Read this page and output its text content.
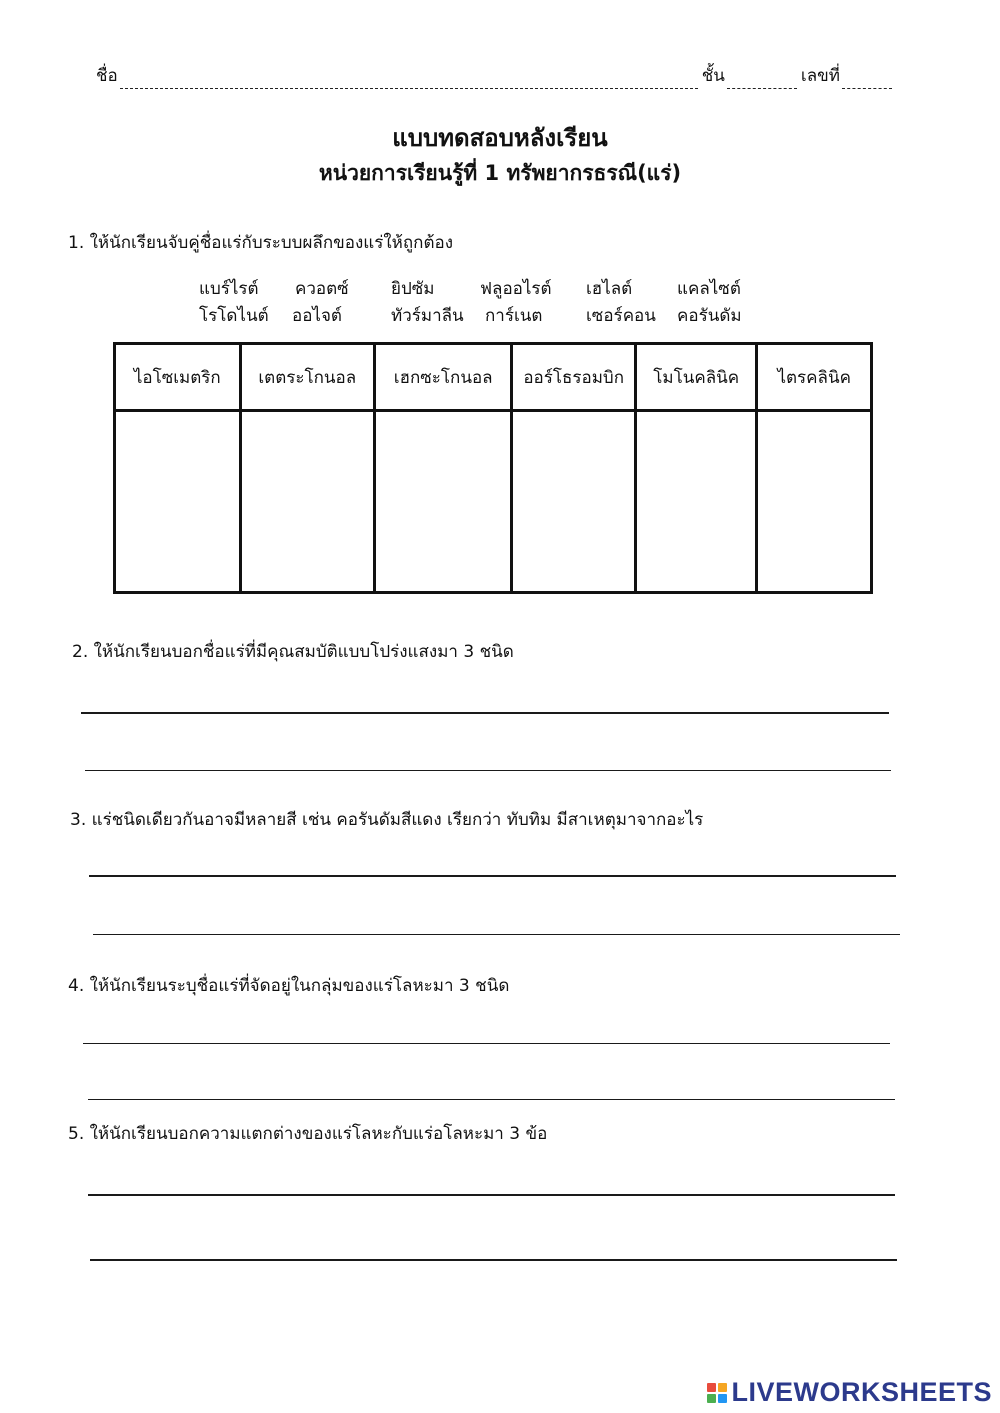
ชื่อ	ชั้น	เลขที่
แบบทดสอบหลังเรียน
หน่วยการเรียนรู้ที่ 1 ทรัพยากรธรณี(แร่)
1. ให้นักเรียนจับคู่ชื่อแร่กับระบบผลึกของแร่ให้ถูกต้อง
แบร์ไรต์ ควอตซ์ ยิปซัม	ฟลูออไรต์ เฮไลต์	แคลไซต์
โรโดไนต์ ออไจต์	ทัวร์มาลีน การ์เนต	เซอร์คอน คอรันดัม
ไอโซเมตริก	เตตระโกนอล	เฮกซะโกนอล	ออร์โธรอมบิก	โมโนคลินิค	ไตรคลินิค

2. ให้นักเรียนบอกชื่อแร่ที่มีคุณสมบัติแบบโปร่งแสงมา 3 ชนิด
3. แร่ชนิดเดียวกันอาจมีหลายสี เช่น คอรันดัมสีแดง เรียกว่า ทับทิม มีสาเหตุมาจากอะไร
4. ให้นักเรียนระบุชื่อแร่ที่จัดอยู่ในกลุ่มของแร่โลหะมา 3 ชนิด
5. ให้นักเรียนบอกความแตกต่างของแร่โลหะกับแร่อโลหะมา 3 ข้อ
LIVEWORKSHEETS
